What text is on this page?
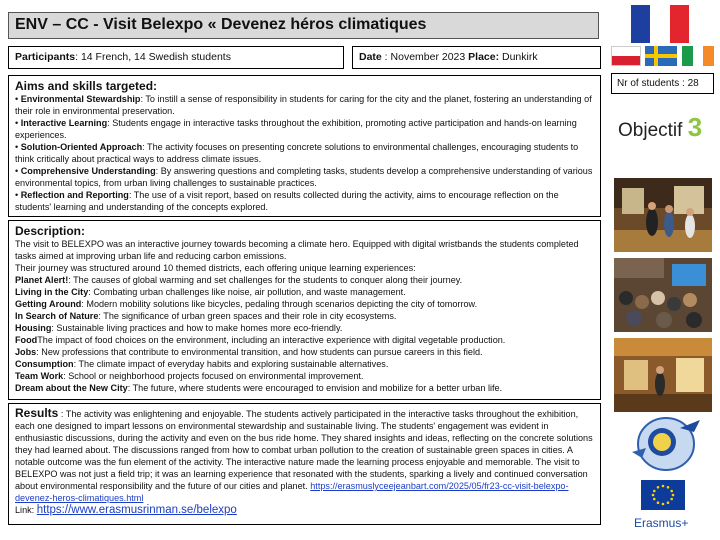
ENV – CC - Visit Belexpo « Devenez héros climatiques
Participants: 14 French, 14 Swedish students	Date : November 2023 Place: Dunkirk
Nr of students : 28
Aims and skills targeted:

• Environmental Stewardship: To instill a sense of responsibility in students for caring for the city and the planet, fostering an understanding of their role in environmental preservation.

• Interactive Learning: Students engage in interactive tasks throughout the exhibition, promoting active participation and hands-on learning experiences.

• Solution-Oriented Approach: The activity focuses on presenting concrete solutions to environmental challenges, encouraging students to think critically about practical ways to address climate issues.

• Comprehensive Understanding: By answering questions and completing tasks, students develop a comprehensive understanding of various environmental topics, from urban living challenges to sustainable practices.

• Reflection and Reporting: The use of a visit report, based on results collected during the activity, aims to encourage reflection on the students' learning and understanding of the concepts explored.

Description:

The visit to BELEXPO was an interactive journey towards becoming a climate hero. Equipped with digital wristbands the students completed tasks aimed at improving urban life and reducing carbon emissions.

Their journey was structured around 10 themed districts, each offering unique learning experiences:

Planet Alert!: The causes of global warming and set challenges for the students to conquer along their journey.

Living in the City: Combating urban challenges like noise, air pollution, and waste management.

Getting Around: Modern mobility solutions like bicycles, pedaling through scenarios depicting the city of tomorrow.

In Search of Nature: The significance of urban green spaces and their role in city ecosystems.

Housing: Sustainable living practices and how to make homes more eco-friendly.

FoodThe impact of food choices on the environment, including an interactive experience with digital vegetable production.

Jobs: New professions that contribute to environmental transition, and how students can pursue careers in this field.

Consumption: The climate impact of everyday habits and exploring sustainable alternatives.

Team Work: School or neighborhood projects focused on environmental improvement.

Dream about the New City: The future, where students were encouraged to envision and mobilize for a better urban life.

Results : The activity was enlightening and enjoyable. The students actively participated in the interactive tasks throughout the exhibition, each one designed to impart lessons on environmental stewardship and sustainable living. The students' engagement was evident in enthusiastic discussions, during the activity and even on the bus ride home. They shared insights and ideas, reflecting on the concrete solutions they had learned about. The discussions ranged from how to combat urban pollution to the creation of sustainable green spaces in cities. A notable outcome was the fun element of the activity. The interactive nature made the learning process enjoyable and memorable. The visit to BELEXPO was not just a field trip; it was an learning experience that resonated with the students, sparking a lively and continued conversation about environmental responsibility and the future of our cities and planet. https://erasmuslyceejeanbart.com/2025/05/fr23-cc-visit-belexpo-devenez-heros-climatiques.html

Link: https://www.erasmusrinman.se/belexpo

Objectif 3
Erasmus+
